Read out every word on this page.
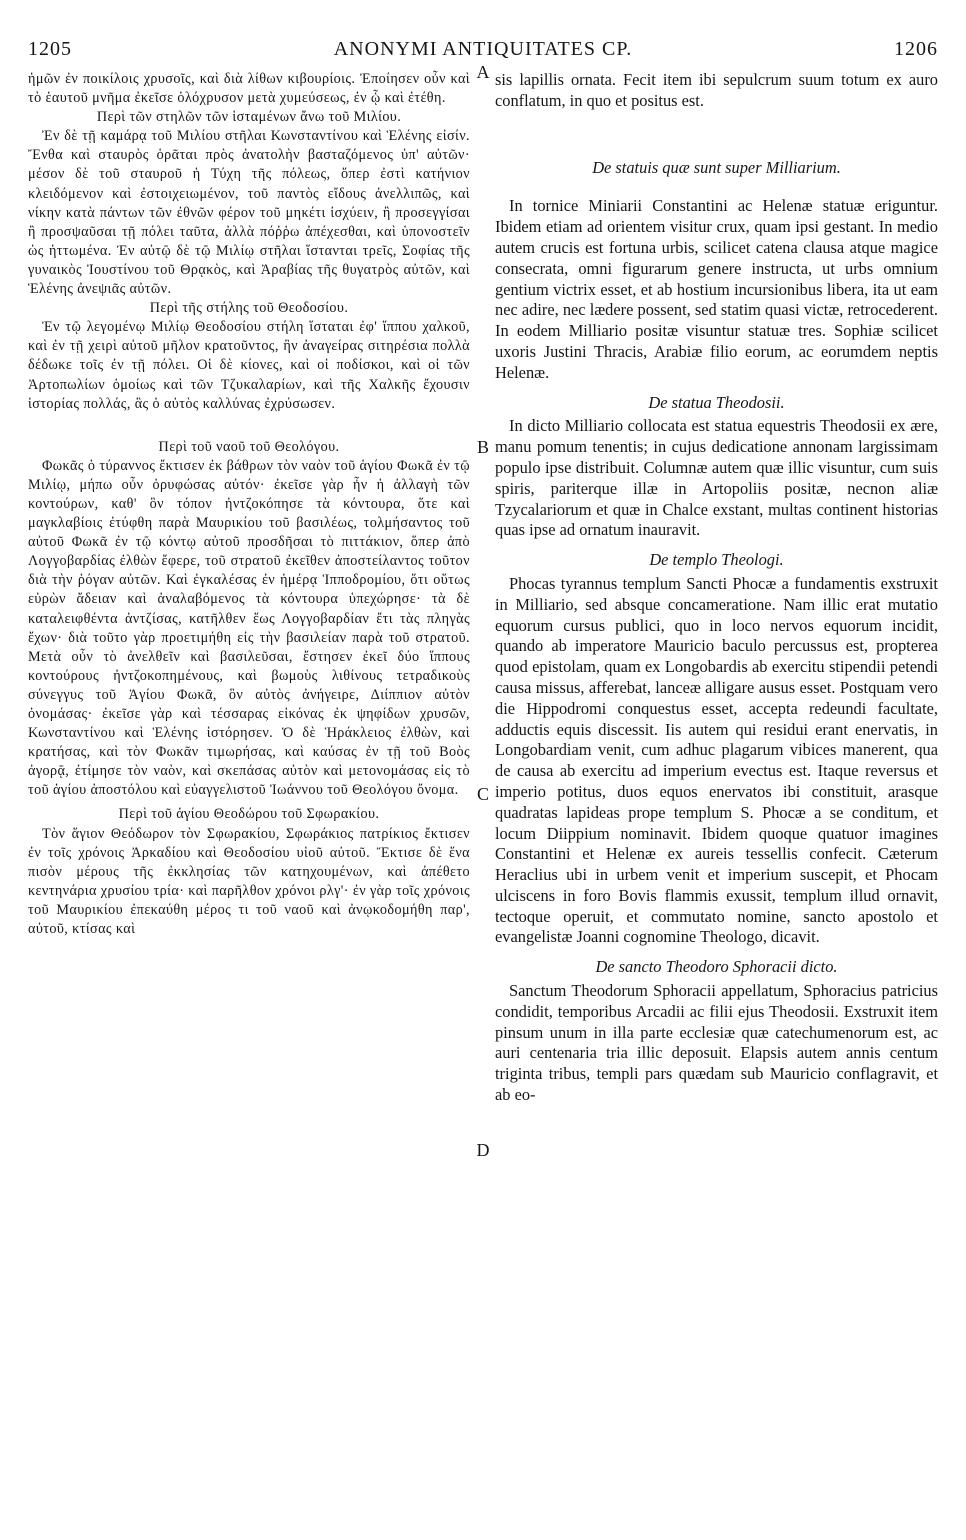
1205	ANONYMI ANTIQUITATES CP.	1206

ἡμῶν ἐν ποικίλοις χρυσοῖς, καὶ διὰ λίθων κιβουρίοις. Ἐποίησεν οὖν καὶ τὸ ἑαυτοῦ μνῆμα ἐκεῖσε ὁλόχρυσον μετὰ χυμεύσεως, ἐν ᾧ καὶ ἐτέθη.

Περὶ τῶν στηλῶν τῶν ἱσταμένων ἄνω τοῦ Μιλίου.

Ἐν δὲ τῇ καμάρᾳ τοῦ Μιλίου στῆλαι Κωνσταντίνου καὶ Ἑλένης εἰσίν. Ἔνθα καὶ σταυρὸς ὁρᾶται πρὸς ἀνατολὴν βασταζόμενος ὑπ' αὐτῶν· μέσον δὲ τοῦ σταυροῦ ἡ Τύχη τῆς πόλεως, ὅπερ ἐστὶ κατήνιον κλειδόμενον καὶ ἐστοιχειωμένον, τοῦ παντὸς εἴδους ἀνελλιπῶς, καὶ νίκην κατὰ πάντων τῶν ἐθνῶν φέρον τοῦ μηκέτι ἰσχύειν, ἢ προσεγγίσαι ἢ προσψαῦσαι τῇ πόλει ταῦτα, ἀλλὰ πόῤῥω ἀπέχεσθαι, καὶ ὑπονοστεῖν ὡς ἡττωμένα. Ἐν αὐτῷ δὲ τῷ Μιλίῳ στῆλαι ἵστανται τρεῖς, Σοφίας τῆς γυναικὸς Ἰουστίνου τοῦ Θρᾳκὸς, καὶ Ἀραβίας τῆς θυγατρὸς αὐτῶν, καὶ Ἑλένης ἀνεψιᾶς αὐτῶν.

Περὶ τῆς στήλης τοῦ Θεοδοσίου.

Ἐν τῷ λεγομένῳ Μιλίῳ Θεοδοσίου στήλη ἵσταται ἐφ' ἵππου χαλκοῦ, καὶ ἐν τῇ χειρὶ αὐτοῦ μῆλον κρατοῦντος, ἣν ἀναγείρας σιτηρέσια πολλὰ δέδωκε τοῖς ἐν τῇ πόλει. Οἱ δὲ κίονες, καὶ οἱ ποδίσκοι, καὶ οἱ τῶν Ἀρτοπωλίων ὁμοίως καὶ τῶν Τζυκαλαρίων, καὶ τῆς Χαλκῆς ἔχουσιν ἱστορίας πολλάς, ἃς ὁ αὐτὸς καλλύνας ἐχρύσωσεν.

Περὶ τοῦ ναοῦ τοῦ Θεολόγου.

Φωκᾶς ὁ τύραννος ἔκτισεν ἐκ βάθρων τὸν ναὸν τοῦ ἁγίου Φωκᾶ ἐν τῷ Μιλίῳ, μήπω οὖν ὀρυφώσας αὐτόν· ἐκεῖσε γὰρ ἦν ἡ ἀλλαγὴ τῶν κοντούρων, καθ' ὃν τόπον ἠντζοκόπησε τὰ κόντουρα, ὅτε καὶ μαγκλαβίοις ἐτύφθη παρὰ Μαυρικίου τοῦ βασιλέως, τολμήσαντος τοῦ αὐτοῦ Φωκᾶ ἐν τῷ κόντῳ αὐτοῦ προσδῆσαι τὸ πιττάκιον, ὅπερ ἀπὸ Λογγοβαρδίας ἐλθὼν ἔφερε, τοῦ στρατοῦ ἐκεῖθεν ἀποστείλαντος τοῦτον διὰ τὴν ῥόγαν αὐτῶν. Καὶ ἐγκαλέσας ἐν ἡμέρᾳ Ἱπποδρομίου, ὅτι οὕτως εὑρὼν ἄδειαν καὶ ἀναλαβόμενος τὰ κόντουρα ὑπεχώρησε· τὰ δὲ καταλειφθέντα ἀντζίσας, κατῆλθεν ἕως Λογγοβαρδίαν ἔτι τὰς πληγὰς ἔχων· διὰ τοῦτο γὰρ προετιμήθη εἰς τὴν βασιλείαν παρὰ τοῦ στρατοῦ. Μετὰ οὖν τὸ ἀνελθεῖν καὶ βασιλεῦσαι, ἔστησεν ἐκεῖ δύο ἵππους κοντούρους ἠντζοκοπημένους, καὶ βωμοὺς λιθίνους τετραδικοὺς σύνεγγυς τοῦ Ἁγίου Φωκᾶ, ὃν αὐτὸς ἀνήγειρε, Διίππιον αὐτὸν ὀνομάσας· ἐκεῖσε γὰρ καὶ τέσσαρας εἰκόνας ἐκ ψηφίδων χρυσῶν, Κωνσταντίνου καὶ Ἑλένης ἱστόρησεν. Ὁ δὲ Ἡράκλειος ἐλθὼν, καὶ κρατήσας, καὶ τὸν Φωκᾶν τιμωρήσας, καὶ καύσας ἐν τῇ τοῦ Βοὸς ἀγορᾷ, ἐτίμησε τὸν ναὸν, καὶ σκεπάσας αὐτὸν καὶ μετονομάσας εἰς τὸ τοῦ ἁγίου ἀποστόλου καὶ εὐαγγελιστοῦ Ἰωάννου τοῦ Θεολόγου ὄνομα.

Περὶ τοῦ ἁγίου Θεοδώρου τοῦ Σφωρακίου.

Τὸν ἅγιον Θεόδωρον τὸν Σφωρακίου, Σφωράκιος πατρίκιος ἔκτισεν ἐν τοῖς χρόνοις Ἀρκαδίου καὶ Θεοδοσίου υἱοῦ αὐτοῦ. Ἔκτισε δὲ ἕνα πισὸν μέρους τῆς ἐκκλησίας τῶν κατηχουμένων, καὶ ἀπέθετο κεντηνάρια χρυσίου τρία· καὶ παρῆλθον χρόνοι ρλγ'· ἐν γὰρ τοῖς χρόνοις τοῦ Μαυρικίου ἐπεκαύθη μέρος τι τοῦ ναοῦ καὶ ἀνῳκοδομήθη παρ', αὐτοῦ, κτίσας καὶ

sis lapillis ornata. Fecit item ibi sepulcrum suum totum ex auro conflatum, in quo et positus est.

De statuis quæ sunt super Milliarium.

In tornice Miniarii Constantini ac Helenæ statuæ eriguntur. Ibidem etiam ad orientem visitur crux, quam ipsi gestant. In medio autem crucis est fortuna urbis, scilicet catena clausa atque magice consecrata, omni figurarum genere instructa, ut urbs omnium gentium victrix esset, et ab hostium incursionibus libera, ita ut eam nec adire, nec lædere possent, sed statim quasi victæ, retrocederent. In eodem Milliario positæ visuntur statuæ tres. Sophiæ scilicet uxoris Justini Thracis, Arabiæ filio eorum, ac eorumdem neptis Helenæ.

De statua Theodosii.

In dicto Milliario collocata est statua equestris Theodosii ex ære, manu pomum tenentis; in cujus dedicatione annonam largissimam populo ipse distribuit. Columnæ autem quæ illic visuntur, cum suis spiris, pariterque illæ in Artopoliis positæ, necnon aliæ Tzycalariorum et quæ in Chalce exstant, multas continent historias quas ipse ad ornatum inauravit.

De templo Theologi.

Phocas tyrannus templum Sancti Phocæ a fundamentis exstruxit in Milliario, sed absque concamerationе. Nam illic erat mutatio equorum cursus publici, quo in loco nervos equorum incidit, quando ab imperatore Mauricio baculo percussus est, propterea quod epistolam, quam ex Longobardis ab exercitu stipendii petendi causa missus, afferebat, lanceæ alligare ausus esset. Postquam vero die Hippodromi conquestus esset, accepta redeundi facultate, adductis equis discessit. Iis autem qui residui erant enervatis, in Longobardiam venit, cum adhuc plagarum vibices manerent, qua de causa ab exercitu ad imperium evectus est. Itaque reversus et imperio potitus, duos equos enervatos ibi constituit, arasque quadratas lapideas prope templum S. Phocæ a se conditum, et locum Diippium nominavit. Ibidem quoque quatuor imagines Constantini et Helenæ ex aureis tessellis confecit. Cæterum Heraclius ubi in urbem venit et imperium suscepit, et Phocam ulciscens in foro Bovis flammis exussit, templum illud ornavit, tectoque operuit, et commutato nomine, sancto apostolo et evangelistæ Joanni cognomine Theologo, dicavit.

De sancto Theodoro Sphoracii dicto.

Sanctum Theodorum Sphoracii appellatum, Sphoracius patricius condidit, temporibus Arcadii ac filii ejus Theodosii. Exstruxit item pinsum unum in illa parte ecclesiæ quæ catechumenorum est, ac auri centenaria tria illic deposuit. Elapsis autem annis centum triginta tribus, templi pars quædam sub Mauricio conflagravit, et ab eo-

A
B
C
D
